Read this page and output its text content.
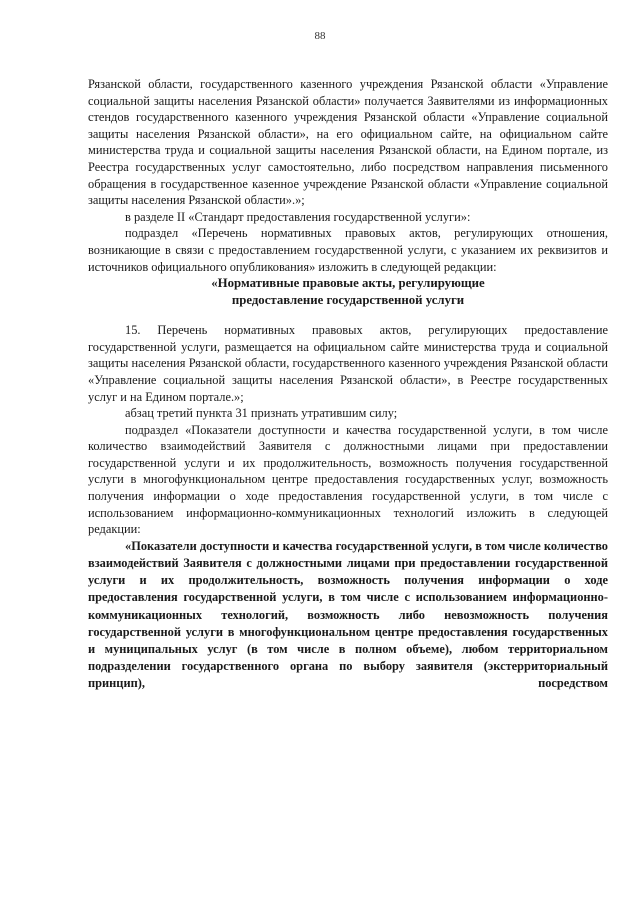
88

Рязанской области, государственного казенного учреждения Рязанской области «Управление социальной защиты населения Рязанской области» получается Заявителями из информационных стендов государственного казенного учреждения Рязанской области «Управление социальной защиты населения Рязанской области», на его официальном сайте, на официальном сайте министерства труда и социальной защиты населения Рязанской области, на Едином портале, из Реестра государственных услуг самостоятельно, либо посредством направления письменного обращения в государственное казенное учреждение Рязанской области «Управление социальной защиты населения Рязанской области».»;

в разделе II «Стандарт предоставления государственной услуги»:

подраздел «Перечень нормативных правовых актов, регулирующих отношения, возникающие в связи с предоставлением государственной услуги, с указанием их реквизитов и источников официального опубликования» изложить в следующей редакции:

«Нормативные правовые акты, регулирующие

предоставление государственной услуги

15. Перечень нормативных правовых актов, регулирующих предоставление государственной услуги, размещается на официальном сайте министерства труда и социальной защиты населения Рязанской области, государственного казенного учреждения Рязанской области «Управление социальной защиты населения Рязанской области», в Реестре государственных услуг и на Едином портале.»;

абзац третий пункта 31 признать утратившим силу;

подраздел «Показатели доступности и качества государственной услуги, в том числе количество взаимодействий Заявителя с должностными лицами при предоставлении государственной услуги и их продолжительность, возможность получения государственной услуги в многофункциональном центре предоставления государственных услуг, возможность получения информации о ходе предоставления государственной услуги, в том числе с использованием информационно-коммуникационных технологий изложить в следующей редакции:

«Показатели доступности и качества государственной услуги, в том числе количество взаимодействий Заявителя с должностными лицами при предоставлении государственной услуги и их продолжительность, возможность получения информации о ходе предоставления государственной услуги, в том числе с использованием информационно-коммуникационных технологий, возможность либо невозможность получения государственной услуги в многофункциональном центре предоставления государственных и муниципальных услуг (в том числе в полном объеме), любом территориальном подразделении государственного органа по выбору заявителя (экстерриториальный принцип), посредством
